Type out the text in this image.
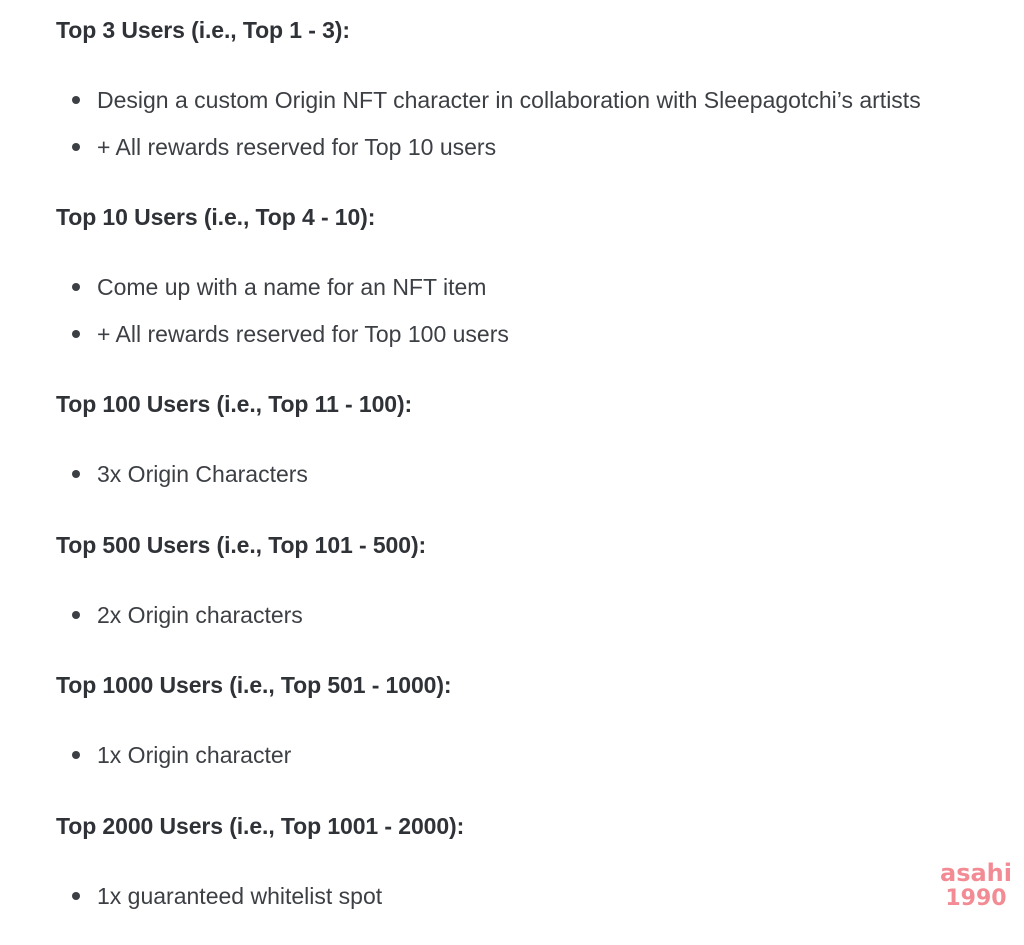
Top 3 Users (i.e., Top 1 - 3):
Design a custom Origin NFT character in collaboration with Sleepagotchi’s artists
+ All rewards reserved for Top 10 users
Top 10 Users (i.e., Top 4 - 10):
Come up with a name for an NFT item
+ All rewards reserved for Top 100 users
Top 100 Users (i.e., Top 11 - 100):
3x Origin Characters
Top 500 Users (i.e., Top 101 - 500):
2x Origin characters
Top 1000 Users (i.e., Top 501 - 1000):
1x Origin character
Top 2000 Users (i.e., Top 1001 - 2000):
1x guaranteed whitelist spot
asahi
1990
